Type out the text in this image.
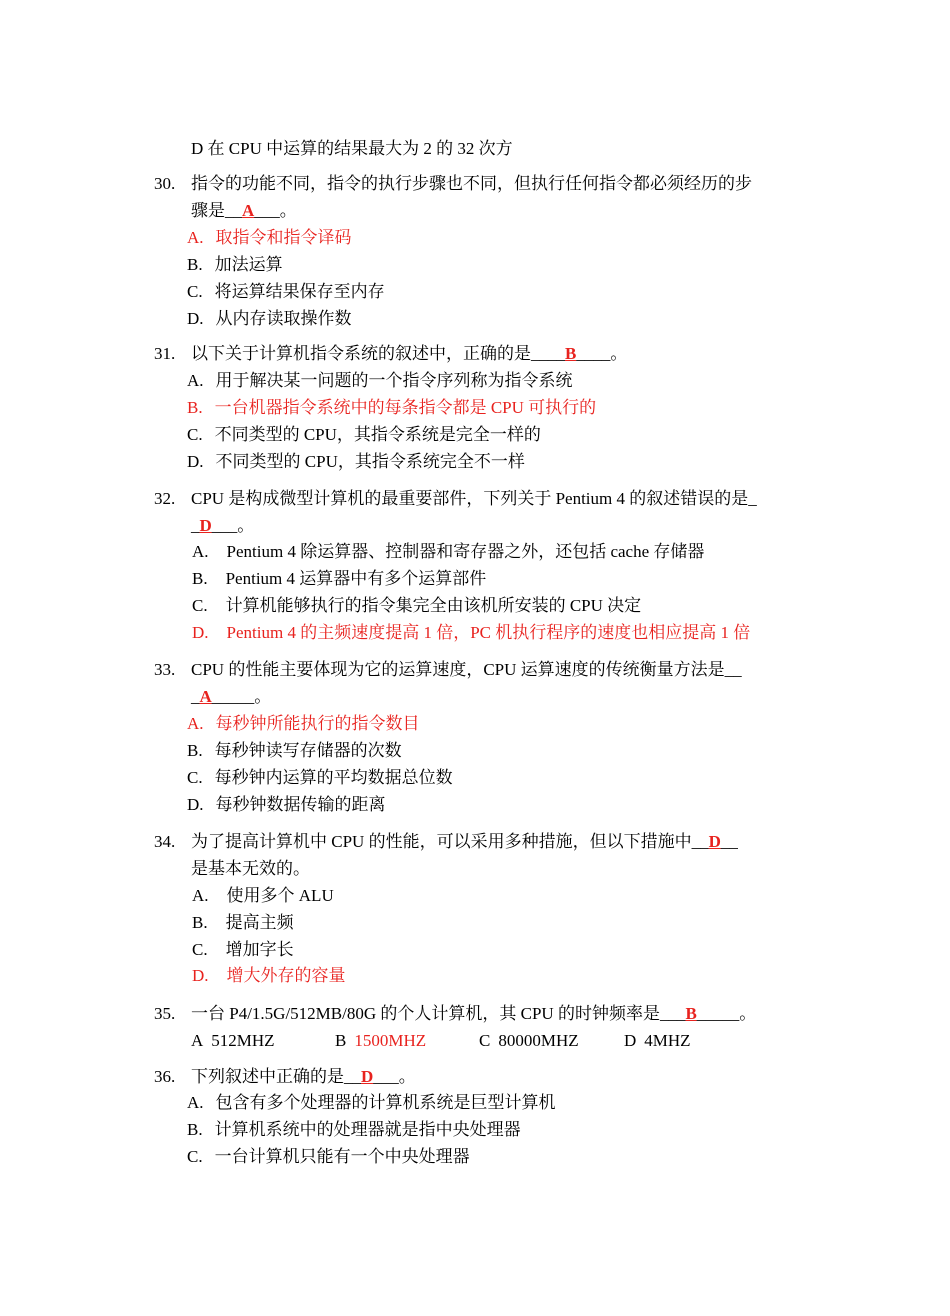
D 在 CPU 中运算的结果最大为 2 的 32 次方
30. 指令的功能不同，指令的执行步骤也不同，但执行任何指令都必须经历的步
骤是__A___。
A. 取指令和指令译码
B. 加法运算
C. 将运算结果保存至内存
D. 从内存读取操作数
31. 以下关于计算机指令系统的叙述中，正确的是____B____。
A. 用于解决某一问题的一个指令序列称为指令系统
B. 一台机器指令系统中的每条指令都是 CPU 可执行的
C. 不同类型的 CPU，其指令系统是完全一样的
D. 不同类型的 CPU，其指令系统完全不一样
32. CPU 是构成微型计算机的最重要部件，下列关于 Pentium 4 的叙述错误的是_
_D___。
A. Pentium 4 除运算器、控制器和寄存器之外，还包括 cache 存储器
B. Pentium 4 运算器中有多个运算部件
C. 计算机能够执行的指令集完全由该机所安装的 CPU 决定
D. Pentium 4 的主频速度提高 1 倍，PC 机执行程序的速度也相应提高 1 倍
33. CPU 的性能主要体现为它的运算速度，CPU 运算速度的传统衡量方法是__
_A_____。
A. 每秒钟所能执行的指令数目
B. 每秒钟读写存储器的次数
C. 每秒钟内运算的平均数据总位数
D. 每秒钟数据传输的距离
34. 为了提高计算机中 CPU 的性能，可以采用多种措施，但以下措施中__D__
是基本无效的。
A. 使用多个 ALU
B. 提高主频
C. 增加字长
D. 增大外存的容量
35. 一台 P4/1.5G/512MB/80G 的个人计算机，其 CPU 的时钟频率是___B_____。
A 512MHZ	B 1500MHZ	C 80000MHZ	D 4MHZ
36. 下列叙述中正确的是__D___。
A. 包含有多个处理器的计算机系统是巨型计算机
B. 计算机系统中的处理器就是指中央处理器
C. 一台计算机只能有一个中央处理器
